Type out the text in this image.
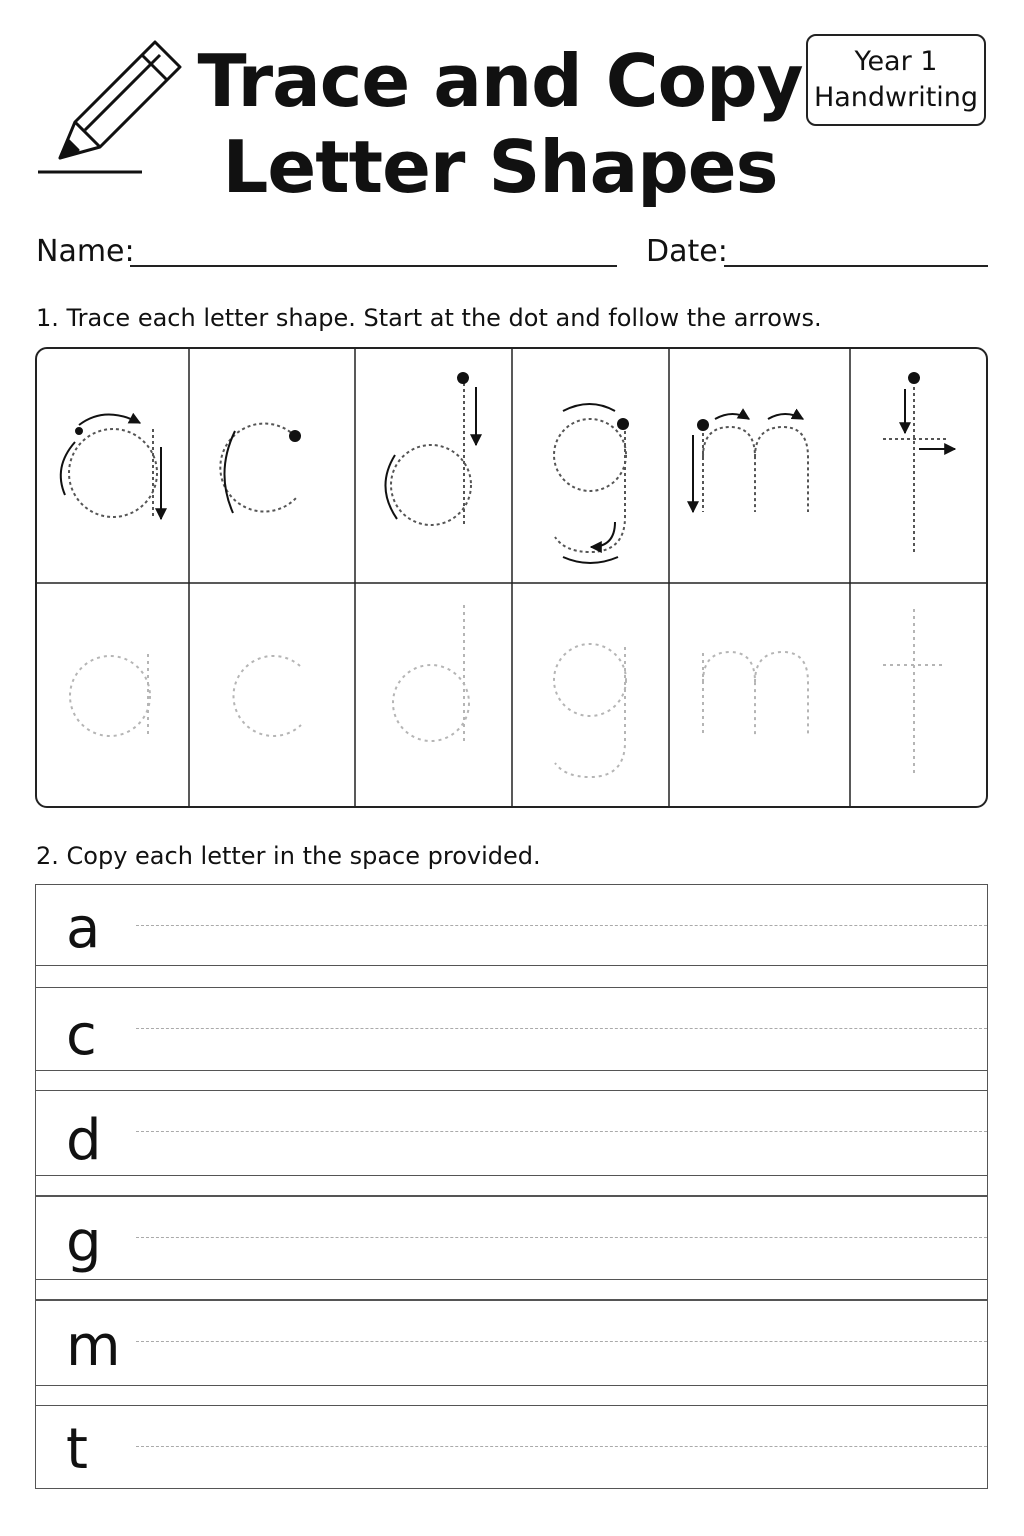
Trace and Copy
Letter Shapes
Year 1
Handwriting
Name:	Date:
1. Trace each letter shape. Start at the dot and follow the arrows.
2. Copy each letter in the space provided.
a
c
d
g
m
t
